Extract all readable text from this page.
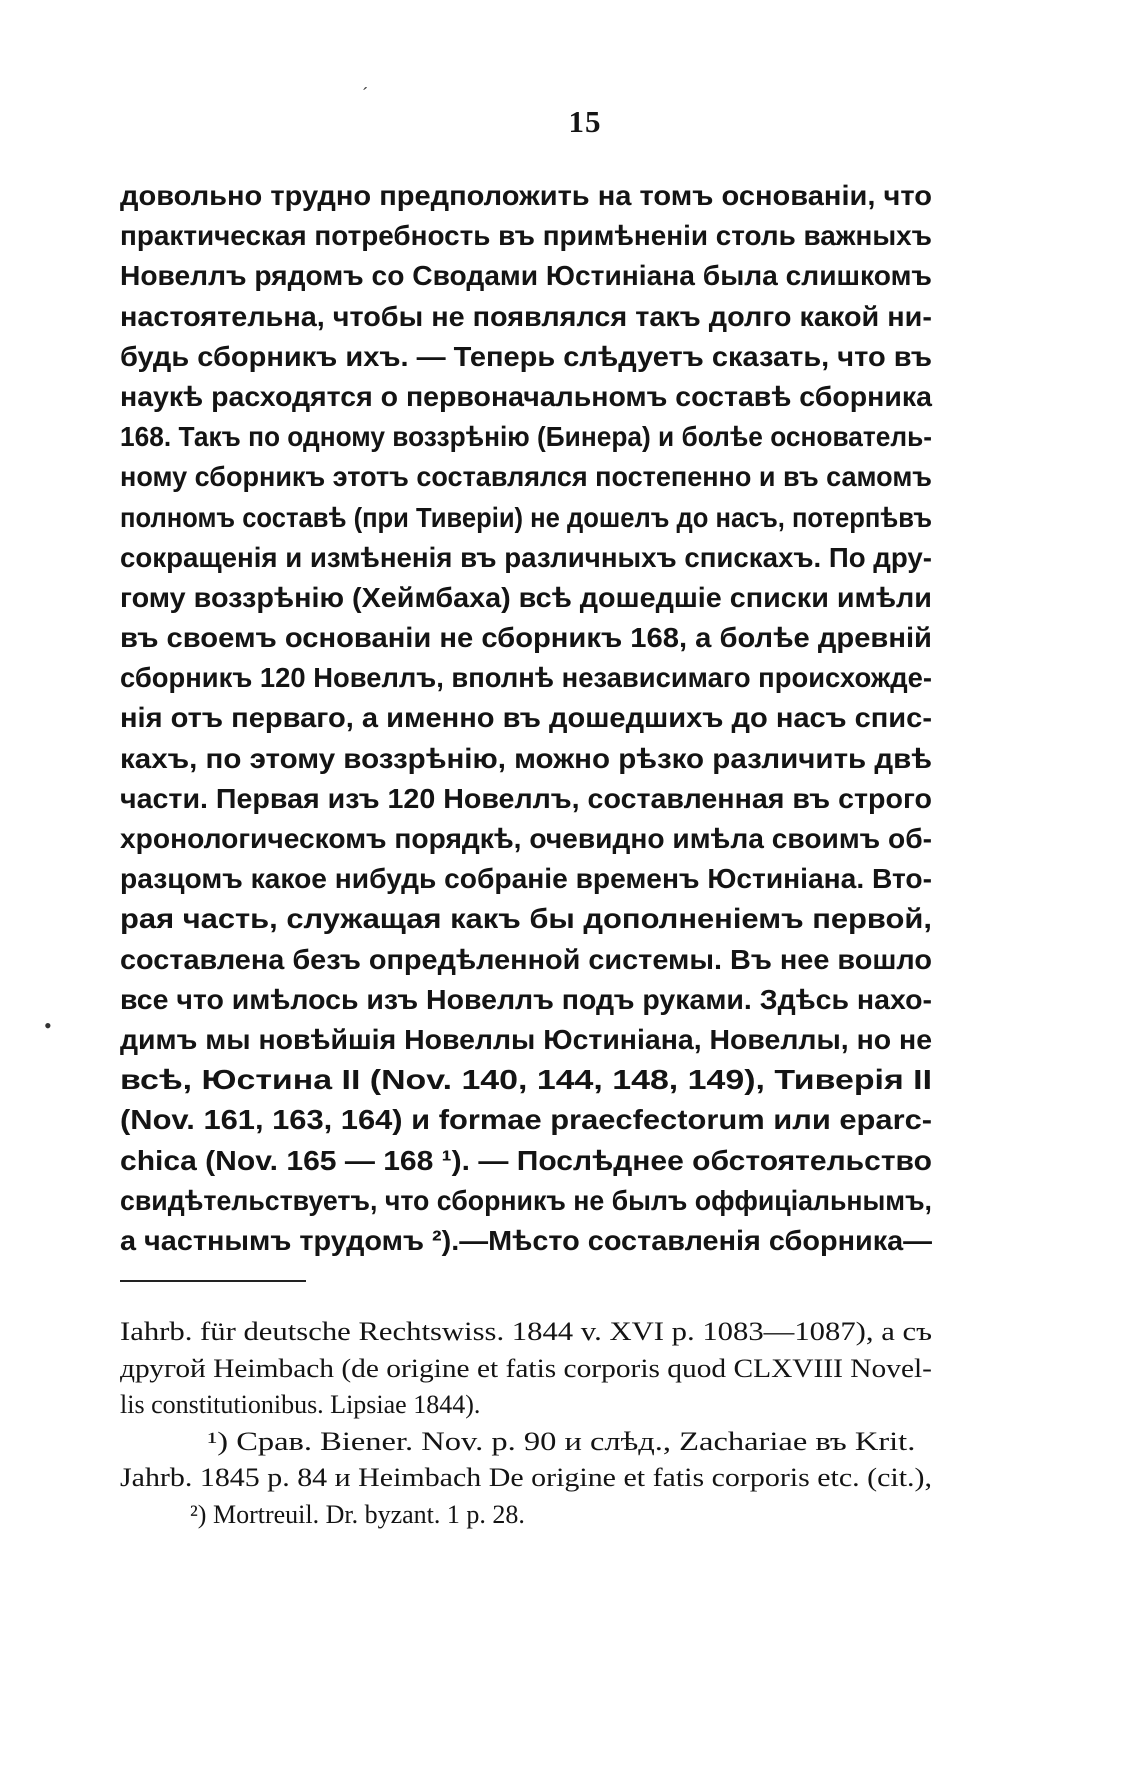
15
довольно трудно предположить на томъ основаніи, что
практическая потребность въ примѣненіи столь важныхъ
Новеллъ рядомъ со Сводами Юстиніана была слишкомъ
настоятельна, чтобы не появлялся такъ долго какой ни-
будь сборникъ ихъ. — Теперь слѣдуетъ сказать, что въ
наукѣ расходятся о первоначальномъ составѣ сборника
168. Такъ по одному воззрѣнію (Бинера) и болѣе основатель-
ному сборникъ этотъ составлялся постепенно и въ самомъ
полномъ составѣ (при Тиверіи) не дошелъ до насъ, потерпѣвъ
сокращенія и измѣненія въ различныхъ спискахъ. По дру-
гому воззрѣнію (Хеймбаха) всѣ дошедшіе списки имѣли
въ своемъ основаніи не сборникъ 168, а болѣе древній
сборникъ 120 Новеллъ, вполнѣ независимаго происхожде-
нія отъ перваго, а именно въ дошедшихъ до насъ спис-
кахъ, по этому воззрѣнію, можно рѣзко различить двѣ
части. Первая изъ 120 Новеллъ, составленная въ строго
хронологическомъ порядкѣ, очевидно имѣла своимъ об-
разцомъ какое нибудь собраніе временъ Юстиніана. Вто-
рая часть, служащая какъ бы дополненіемъ первой,
составлена безъ опредѣленной системы. Въ нее вошло
все что имѣлось изъ Новеллъ подъ руками. Здѣсь нахо-
димъ мы новѣйшія Новеллы Юстиніана, Новеллы, но не
всѣ, Юстина II (Nov. 140, 144, 148, 149), Тиверія II
(Nov. 161, 163, 164) и formae praecfectorum или eparc-
chica (Nov. 165 — 168 ¹). — Послѣднее обстоятельство
свидѣтельствуетъ, что сборникъ не былъ оффиціальнымъ,
а частнымъ трудомъ ²).—Мѣсто составленія сборника—
Iahrb. für deutsche Rechtswiss. 1844 v. XVI p. 1083—1087), а съ
другой Heimbach (de origine et fatis corporis quod CLXVIII Novel-
lis constitutionibus. Lipsiae 1844).
¹) Срав. Biener. Nov. p. 90 и слѣд., Zachariae въ Krit.
Jahrb. 1845 p. 84 и Heimbach De origine et fatis corporis etc. (cit.),
²) Mortreuil. Dr. byzant. 1 p. 28.
ˊ
•
